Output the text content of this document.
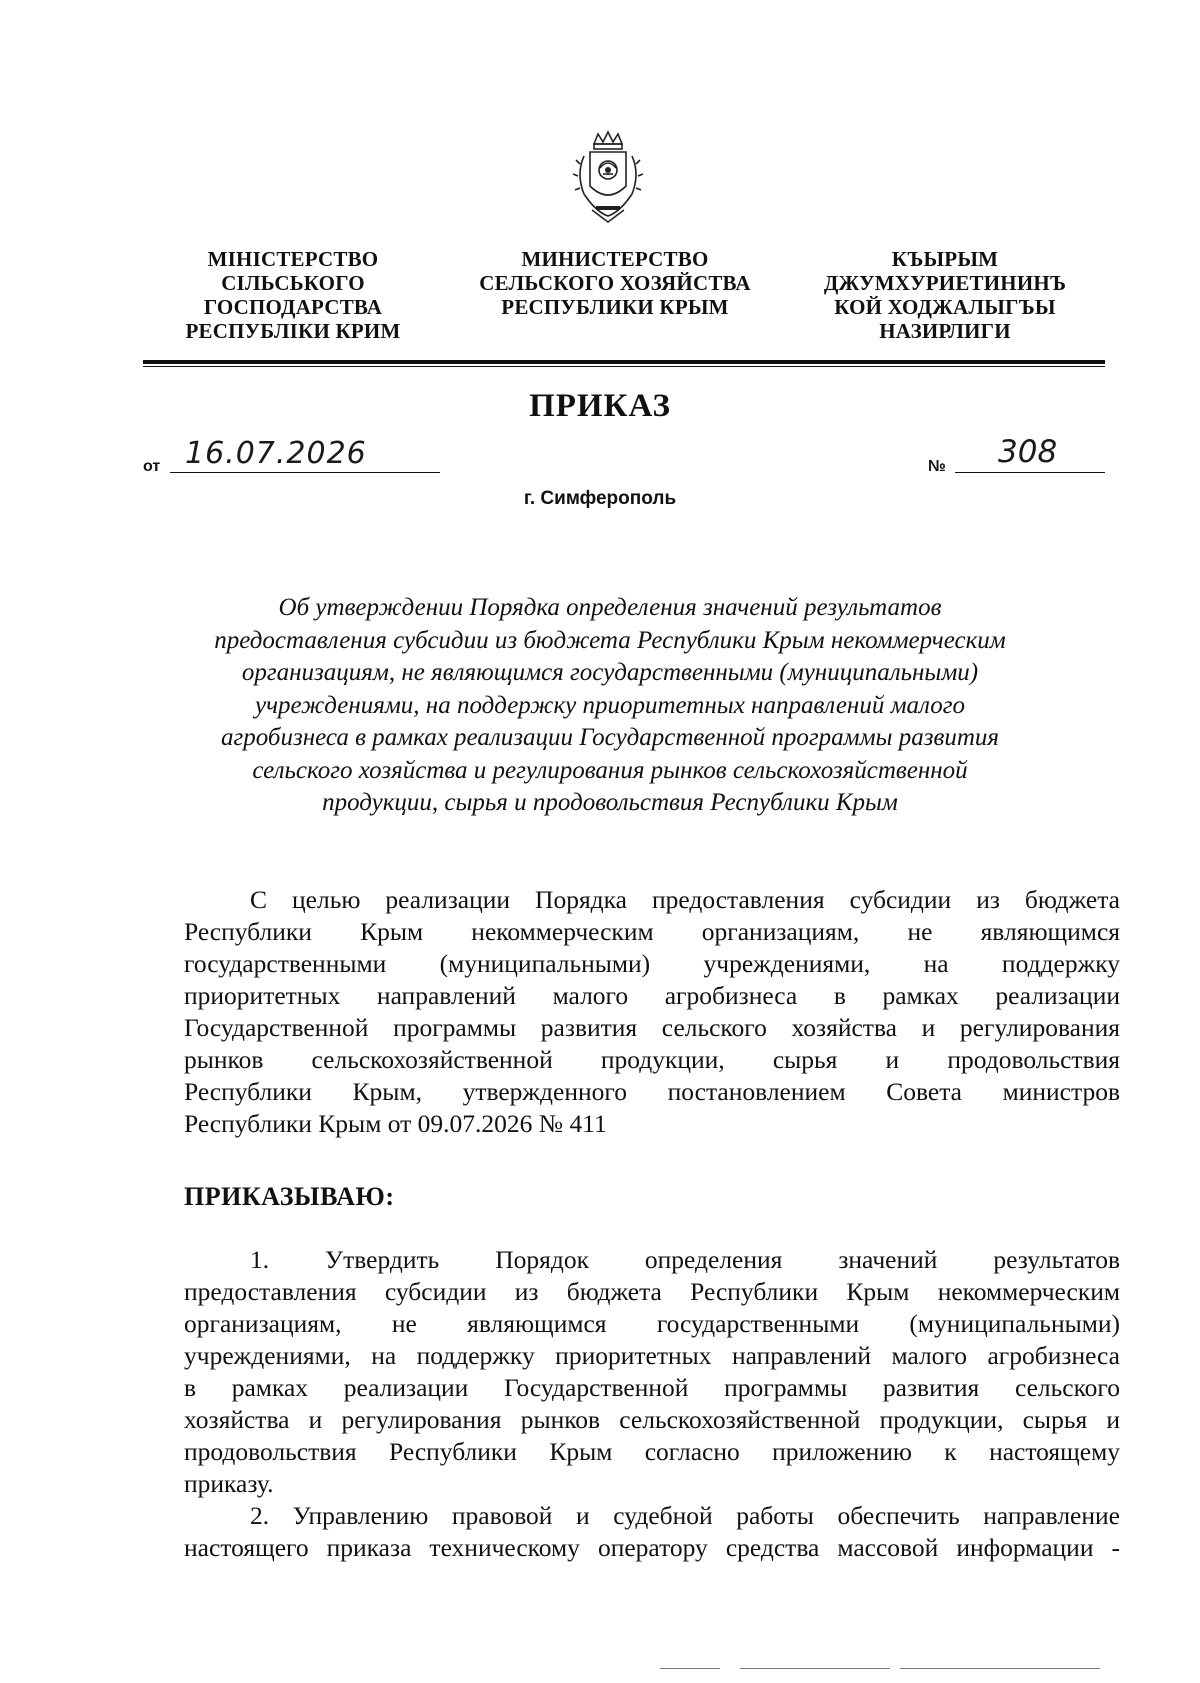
МІНІСТЕРСТВО
СІЛЬСЬКОГО
ГОСПОДАРСТВА
РЕСПУБЛІКИ КРИМ
МИНИСТЕРСТВО
СЕЛЬСКОГО ХОЗЯЙСТВА
РЕСПУБЛИКИ КРЫМ
КЪЫРЫМ
ДЖУМХУРИЕТИНИНЪ
КОЙ ХОДЖАЛЫГЪЫ
НАЗИРЛИГИ
ПРИКАЗ
от 16.07.2026	№ 308
г. Симферополь
Об утверждении Порядка определения значений результатов
предоставления субсидии из бюджета Республики Крым некоммерческим
организациям, не являющимся государственными (муниципальными)
учреждениями, на поддержку приоритетных направлений малого
агробизнеса в рамках реализации Государственной программы развития
сельского хозяйства и регулирования рынков сельскохозяйственной
продукции, сырья и продовольствия Республики Крым
С целью реализации Порядка предоставления субсидии из бюджета
Республики Крым некоммерческим организациям, не являющимся
государственными (муниципальными) учреждениями, на поддержку
приоритетных направлений малого агробизнеса в рамках реализации
Государственной программы развития сельского хозяйства и регулирования
рынков сельскохозяйственной продукции, сырья и продовольствия
Республики Крым, утвержденного постановлением Совета министров
Республики Крым от 09.07.2026 № 411
ПРИКАЗЫВАЮ:
1. Утвердить Порядок определения значений результатов
предоставления субсидии из бюджета Республики Крым некоммерческим
организациям, не являющимся государственными (муниципальными)
учреждениями, на поддержку приоритетных направлений малого агробизнеса
в рамках реализации Государственной программы развития сельского
хозяйства и регулирования рынков сельскохозяйственной продукции, сырья и
продовольствия Республики Крым согласно приложению к настоящему
приказу.
2. Управлению правовой и судебной работы обеспечить направление
настоящего приказа техническому оператору средства массовой информации -
